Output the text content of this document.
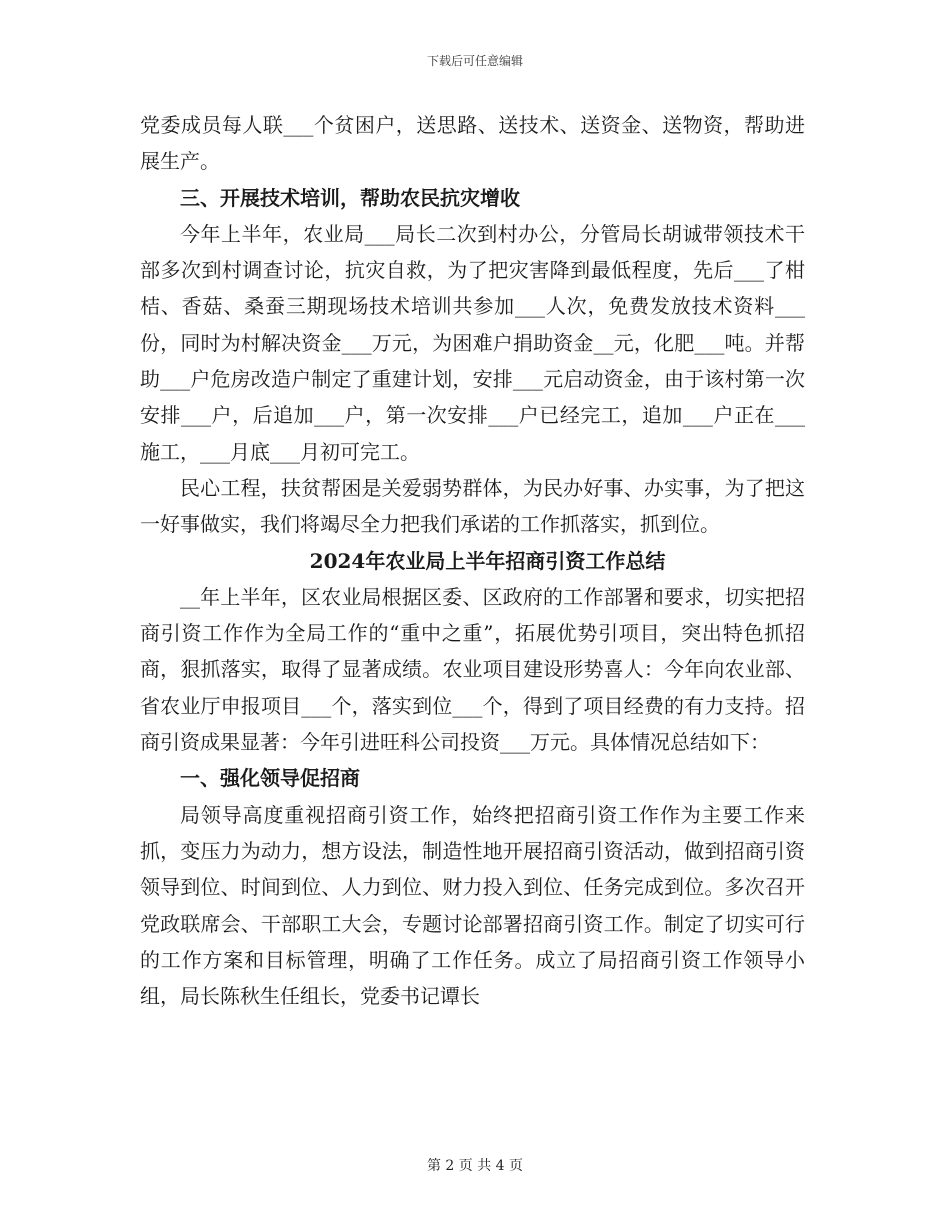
下载后可任意编辑

党委成员每人联___个贫困户，送思路、送技术、送资金、送物资，帮助进展生产。

三、开展技术培训，帮助农民抗灾增收

今年上半年，农业局___局长二次到村办公，分管局长胡诚带领技术干部多次到村调查讨论，抗灾自救，为了把灾害降到最低程度，先后___了柑桔、香菇、桑蚕三期现场技术培训共参加___人次，免费发放技术资料___份，同时为村解决资金___万元，为困难户捐助资金__元，化肥___吨。并帮助___户危房改造户制定了重建计划，安排___元启动资金，由于该村第一次安排___户，后追加___户，第一次安排___户已经完工，追加___户正在___施工，___月底___月初可完工。

民心工程，扶贫帮困是关爱弱势群体，为民办好事、办实事，为了把这一好事做实，我们将竭尽全力把我们承诺的工作抓落实，抓到位。

2024年农业局上半年招商引资工作总结

__年上半年，区农业局根据区委、区政府的工作部署和要求，切实把招商引资工作作为全局工作的“重中之重”，拓展优势引项目，突出特色抓招商，狠抓落实，取得了显著成绩。农业项目建设形势喜人：今年向农业部、省农业厅申报项目___个，落实到位___个，得到了项目经费的有力支持。招商引资成果显著：今年引进旺科公司投资___万元。具体情况总结如下：

一、强化领导促招商

局领导高度重视招商引资工作，始终把招商引资工作作为主要工作来抓，变压力为动力，想方设法，制造性地开展招商引资活动，做到招商引资领导到位、时间到位、人力到位、财力投入到位、任务完成到位。多次召开党政联席会、干部职工大会，专题讨论部署招商引资工作。制定了切实可行的工作方案和目标管理，明确了工作任务。成立了局招商引资工作领导小组，局长陈秋生任组长，党委书记谭长

第 2 页 共 4 页
